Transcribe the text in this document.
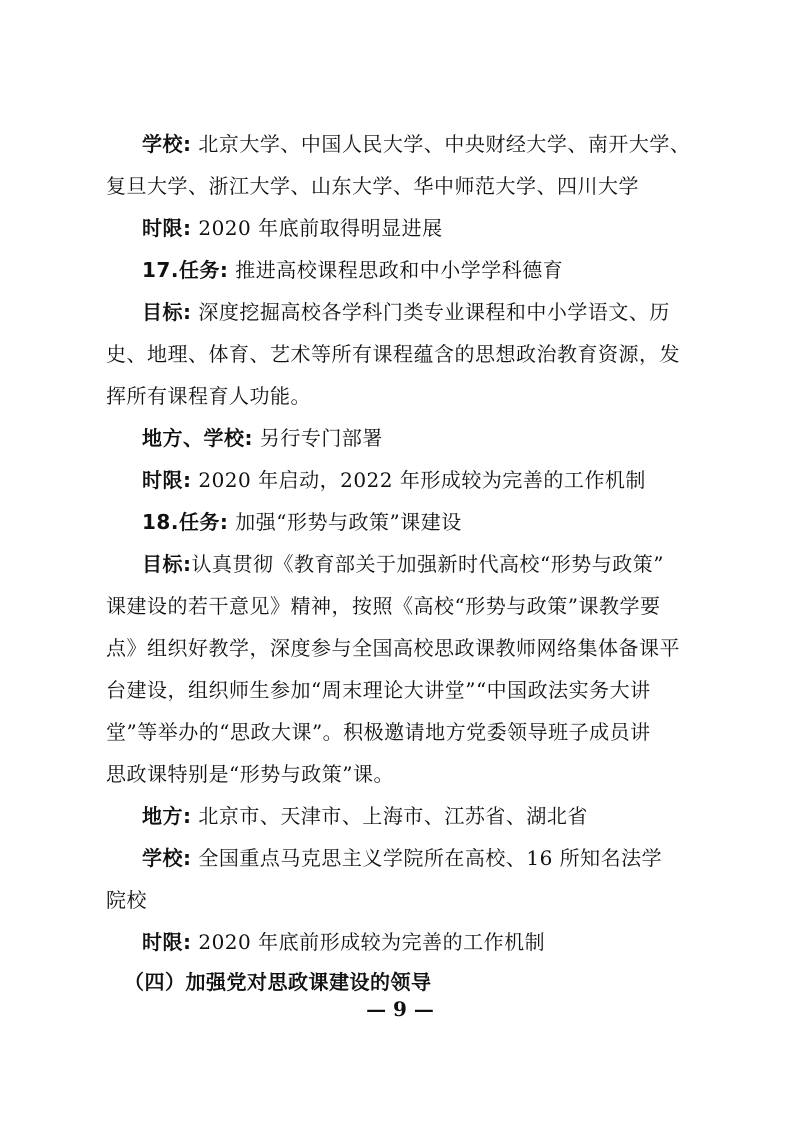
学校: 北京大学、中国人民大学、中央财经大学、南开大学、
复旦大学、浙江大学、山东大学、华中师范大学、四川大学
时限: 2020 年底前取得明显进展
17.任务: 推进高校课程思政和中小学学科德育
目标: 深度挖掘高校各学科门类专业课程和中小学语文、历
史、地理、体育、艺术等所有课程蕴含的思想政治教育资源，发
挥所有课程育人功能。
地方、学校: 另行专门部署
时限: 2020 年启动，2022 年形成较为完善的工作机制
18.任务: 加强“形势与政策”课建设
目标:认真贯彻《教育部关于加强新时代高校“形势与政策”
课建设的若干意见》精神，按照《高校“形势与政策”课教学要
点》组织好教学，深度参与全国高校思政课教师网络集体备课平
台建设，组织师生参加“周末理论大讲堂”“中国政法实务大讲
堂”等举办的“思政大课”。积极邀请地方党委领导班子成员讲
思政课特别是“形势与政策”课。
地方: 北京市、天津市、上海市、江苏省、湖北省
学校: 全国重点马克思主义学院所在高校、16 所知名法学
院校
时限: 2020 年底前形成较为完善的工作机制
（四）加强党对思政课建设的领导
— 9 —
